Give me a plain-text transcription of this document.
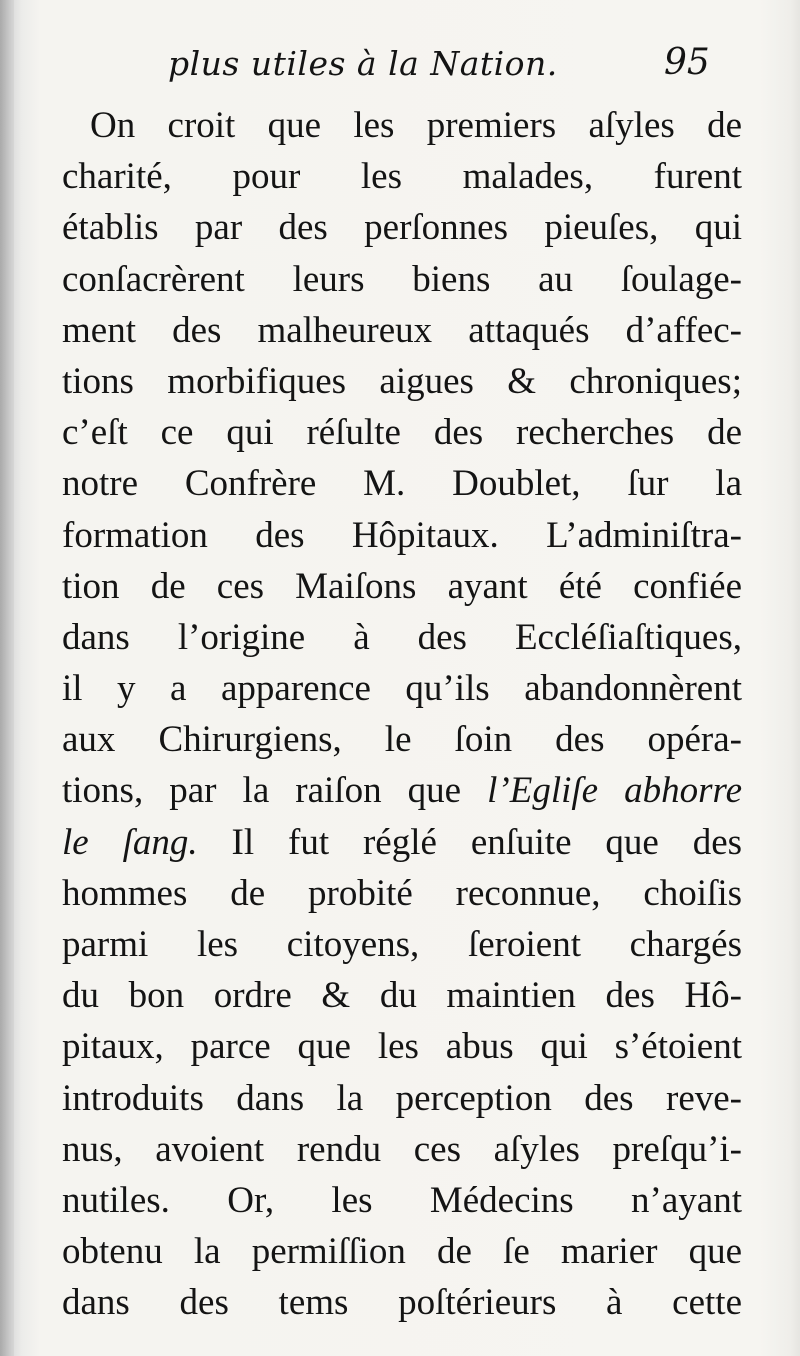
plus utiles à la Nation.	95
On croit que les premiers aſyles de
charité, pour les malades, furent
établis par des perſonnes pieuſes, qui
conſacrèrent leurs biens au ſoulage-
ment des malheureux attaqués d’affec-
tions morbifiques aigues & chroniques;
c’eſt ce qui réſulte des recherches de
notre Confrère M. Doublet, ſur la
formation des Hôpitaux. L’adminiſtra-
tion de ces Maiſons ayant été confiée
dans l’origine à des Eccléſiaſtiques,
il y a apparence qu’ils abandonnèrent
aux Chirurgiens, le ſoin des opéra-
tions, par la raiſon que l’Egliſe abhorre
le ſang. Il fut réglé enſuite que des
hommes de probité reconnue, choiſis
parmi les citoyens, ſeroient chargés
du bon ordre & du maintien des Hô-
pitaux, parce que les abus qui s’étoient
introduits dans la perception des reve-
nus, avoient rendu ces aſyles preſqu’i-
nutiles. Or, les Médecins n’ayant
obtenu la permiſſion de ſe marier que
dans des tems poſtérieurs à cette
